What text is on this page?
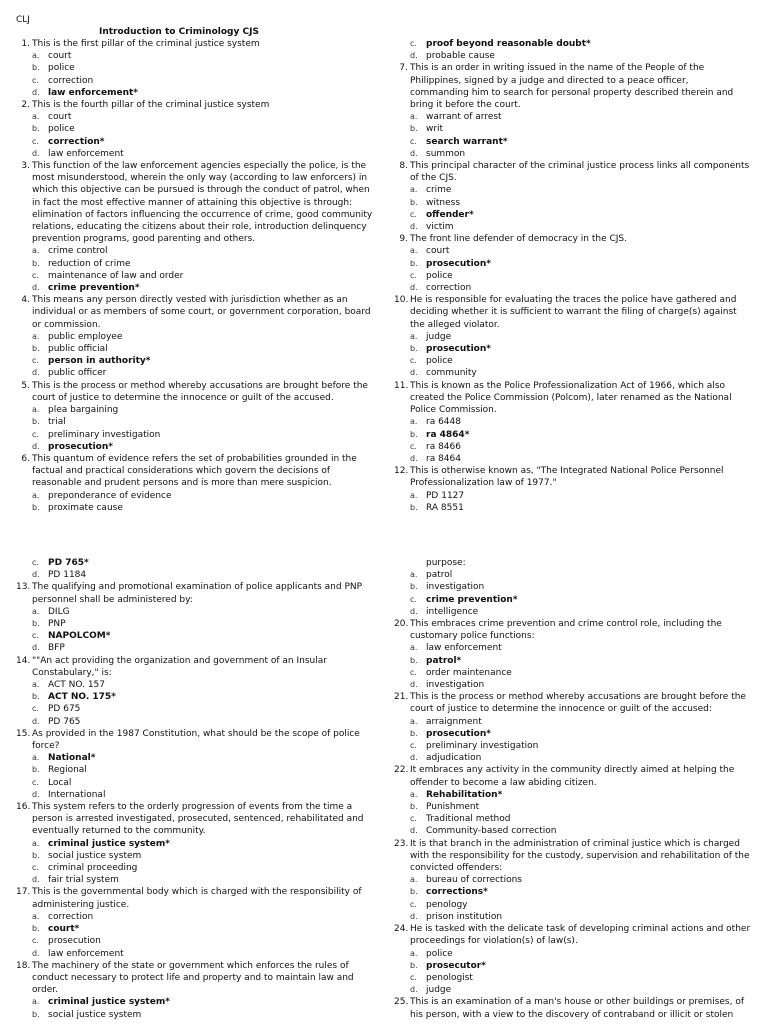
CLJ
Introduction to Criminology CJS
1. This is the first pillar of the criminal justice system
a. court
b. police
c. correction
d. law enforcement*
2. This is the fourth pillar of the criminal justice system
a. court
b. police
c. correction*
d. law enforcement
3. This function of the law enforcement agencies especially the police, is the most misunderstood, wherein the only way (according to law enforcers) in which this objective can be pursued is through the conduct of patrol, when in fact the most effective manner of attaining this objective is through: elimination of factors influencing the occurrence of crime, good community relations, educating the citizens about their role, introduction delinquency prevention programs, good parenting and others.
a. crime control
b. reduction of crime
c. maintenance of law and order
d. crime prevention*
4. This means any person directly vested with jurisdiction whether as an individual or as members of some court, or government corporation, board or commission.
a. public employee
b. public official
c. person in authority*
d. public officer
5. This is the process or method whereby accusations are brought before the court of justice to determine the innocence or guilt of the accused.
a. plea bargaining
b. trial
c. preliminary investigation
d. prosecution*
6. This quantum of evidence refers the set of probabilities grounded in the factual and practical considerations which govern the decisions of reasonable and prudent persons and is more than mere suspicion.
a. preponderance of evidence
b. proximate cause
c. proof beyond reasonable doubt*
d. probable cause
7. This is an order in writing issued in the name of the People of the Philippines, signed by a judge and directed to a peace officer, commanding him to search for personal property described therein and bring it before the court.
a. warrant of arrest
b. writ
c. search warrant*
d. summon
8. This principal character of the criminal justice process links all components of the CJS.
a. crime
b. witness
c. offender*
d. victim
9. The front line defender of democracy in the CJS.
a. court
b. prosecution*
c. police
d. correction
10. He is responsible for evaluating the traces the police have gathered and deciding whether it is sufficient to warrant the filing of charge(s) against the alleged violator.
a. judge
b. prosecution*
c. police
d. community
11. This is known as the Police Professionalization Act of 1966, which also created the Police Commission (Polcom), later renamed as the National Police Commission.
a. ra 6448
b. ra 4864*
c. ra 8466
d. ra 8464
12. This is otherwise known as, "The Integrated National Police Personnel Professionalization law of 1977."
a. PD 1127
b. RA 8551
c. PD 765*
d. PD 1184
13. The qualifying and promotional examination of police applicants and PNP personnel shall be administered by:
a. DILG
b. PNP
c. NAPOLCOM*
d. BFP
14. ""An act providing the organization and government of an Insular Constabulary," is:
a. ACT NO. 157
b. ACT NO. 175*
c. PD 675
d. PD 765
15. As provided in the 1987 Constitution, what should be the scope of police force?
a. National*
b. Regional
c. Local
d. International
16. This system refers to the orderly progression of events from the time a person is arrested investigated, prosecuted, sentenced, rehabilitated and eventually returned to the community.
a. criminal justice system*
b. social justice system
c. criminal proceeding
d. fair trial system
17. This is the governmental body which is charged with the responsibility of administering justice.
a. correction
b. court*
c. prosecution
d. law enforcement
18. The machinery of the state or government which enforces the rules of conduct necessary to protect life and property and to maintain law and order.
a. criminal justice system*
b. social justice system
purpose:
a. patrol
b. investigation
c. crime prevention*
d. intelligence
20. This embraces crime prevention and crime control role, including the customary police functions:
a. law enforcement
b. patrol*
c. order maintenance
d. investigation
21. This is the process or method whereby accusations are brought before the court of justice to determine the innocence or guilt of the accused:
a. arraignment
b. prosecution*
c. preliminary investigation
d. adjudication
22. It embraces any activity in the community directly aimed at helping the offender to become a law abiding citizen.
a. Rehabilitation*
b. Punishment
c. Traditional method
d. Community-based correction
23. It is that branch in the administration of criminal justice which is charged with the responsibility for the custody, supervision and rehabilitation of the convicted offenders:
a. bureau of corrections
b. corrections*
c. penology
d. prison institution
24. He is tasked with the delicate task of developing criminal actions and other proceedings for violation(s) of law(s).
a. police
b. prosecutor*
c. penologist
d. judge
25. This is an examination of a man's house or other buildings or premises, of his person, with a view to the discovery of contraband or illicit or stolen
